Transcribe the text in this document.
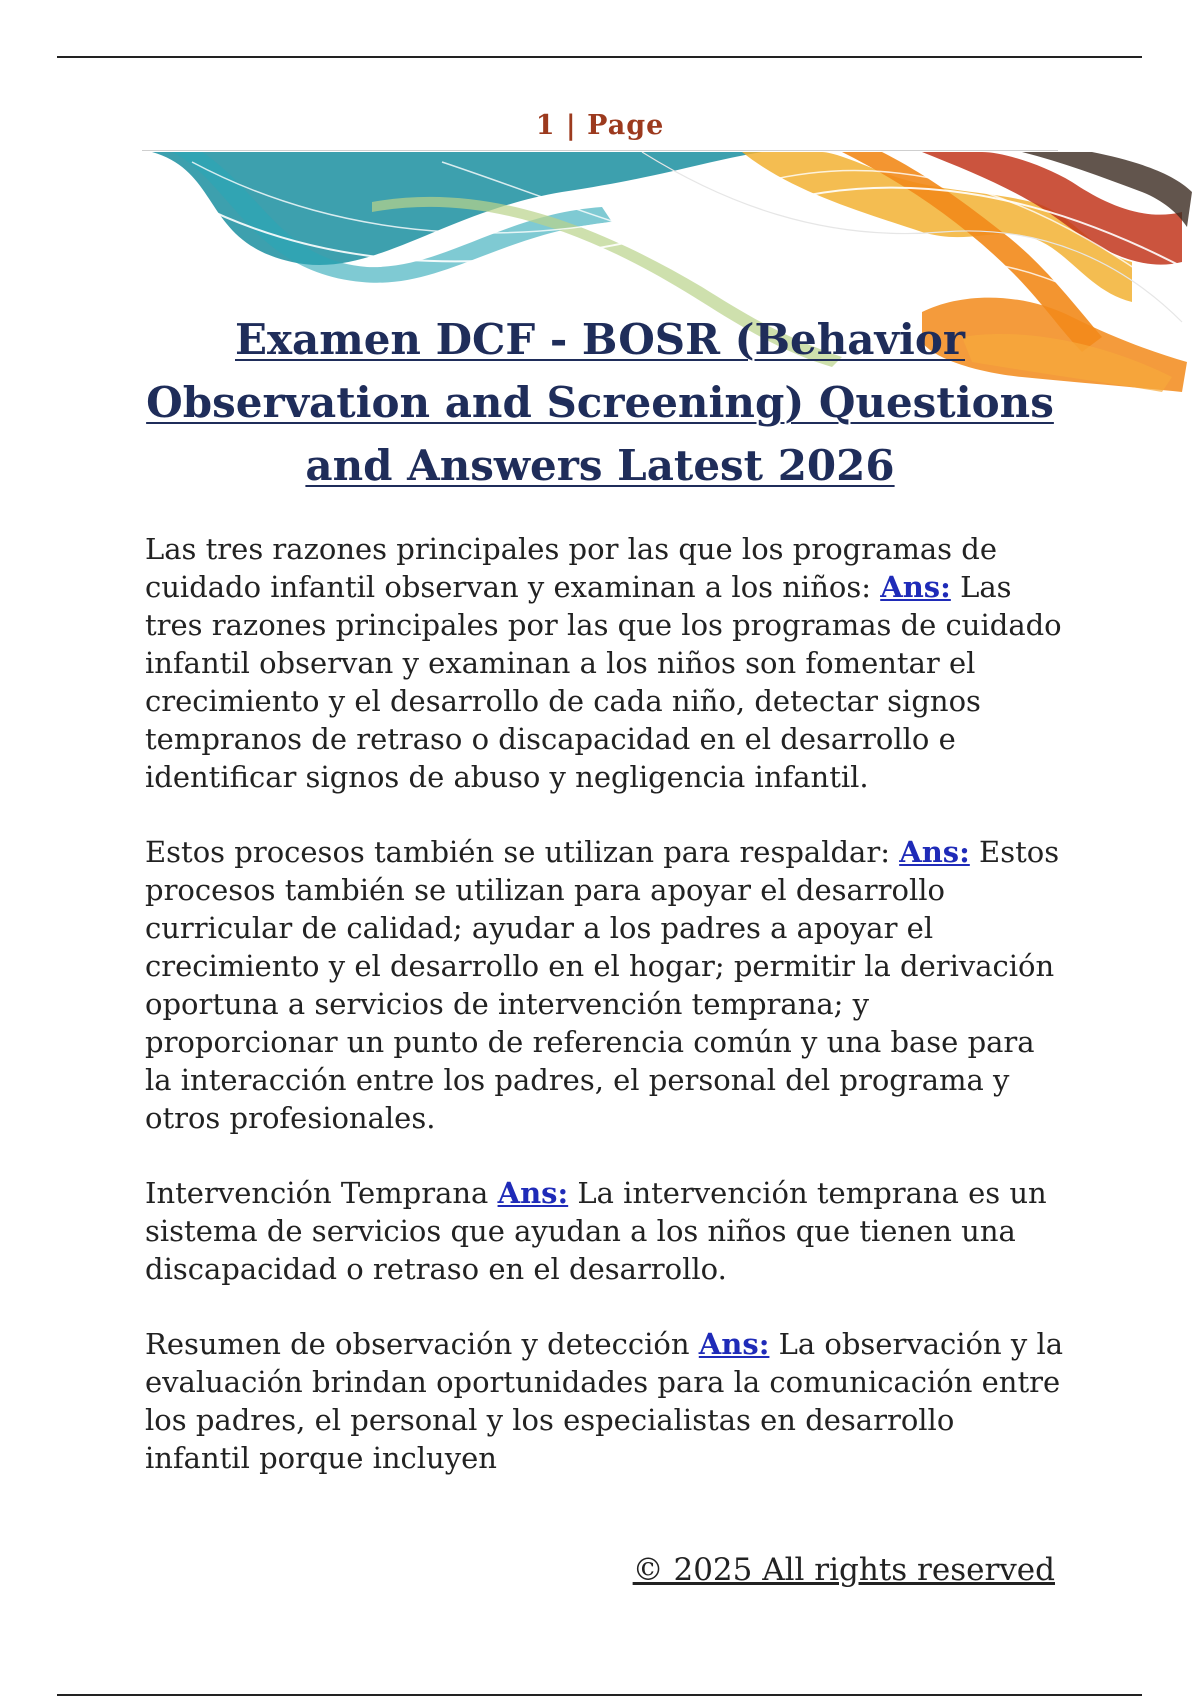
1 | Page
Examen DCF - BOSR (Behavior Observation and Screening) Questions and Answers Latest 2026

Las tres razones principales por las que los programas de cuidado infantil observan y examinan a los niños: Ans: Las tres razones principales por las que los programas de cuidado infantil observan y examinan a los niños son fomentar el crecimiento y el desarrollo de cada niño, detectar signos tempranos de retraso o discapacidad en el desarrollo e identificar signos de abuso y negligencia infantil.

Estos procesos también se utilizan para respaldar: Ans: Estos procesos también se utilizan para apoyar el desarrollo curricular de calidad; ayudar a los padres a apoyar el crecimiento y el desarrollo en el hogar; permitir la derivación oportuna a servicios de intervención temprana; y proporcionar un punto de referencia común y una base para la interacción entre los padres, el personal del programa y otros profesionales.

Intervención Temprana Ans: La intervención temprana es un sistema de servicios que ayudan a los niños que tienen una discapacidad o retraso en el desarrollo.

Resumen de observación y detección Ans: La observación y la evaluación brindan oportunidades para la comunicación entre los padres, el personal y los especialistas en desarrollo infantil porque incluyen

© 2025 All rights reserved
